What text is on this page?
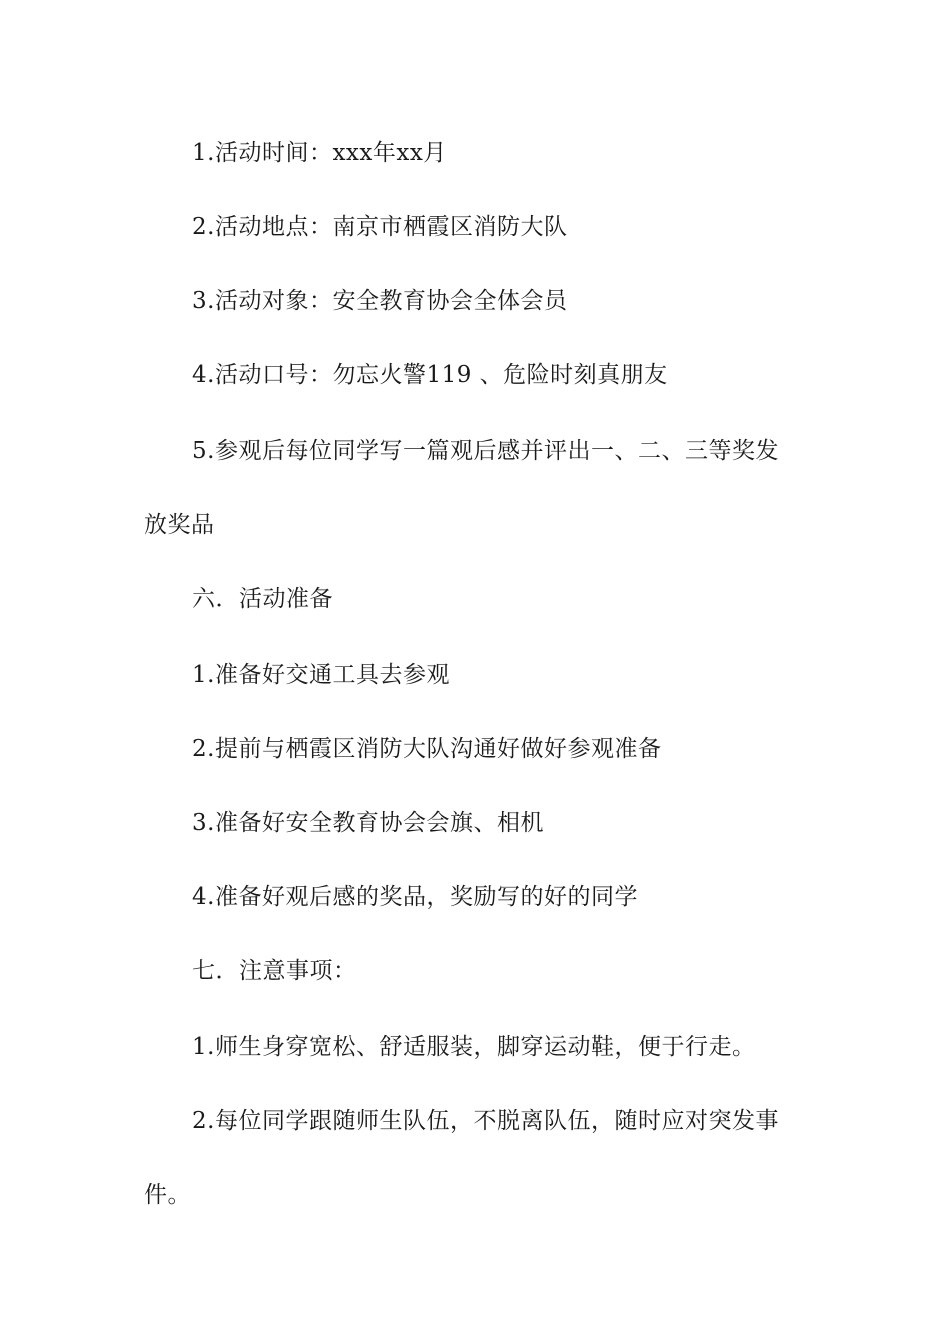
1.活动时间：xxx年xx月
2.活动地点：南京市栖霞区消防大队
3.活动对象：安全教育协会全体会员
4.活动口号：勿忘火警119 、危险时刻真朋友
5.参观后每位同学写一篇观后感并评出一、二、三等奖发
放奖品
六．活动准备
1.准备好交通工具去参观
2.提前与栖霞区消防大队沟通好做好参观准备
3.准备好安全教育协会会旗、相机
4.准备好观后感的奖品，奖励写的好的同学
七．注意事项：
1.师生身穿宽松、舒适服装，脚穿运动鞋，便于行走。
2.每位同学跟随师生队伍，不脱离队伍，随时应对突发事
件。
